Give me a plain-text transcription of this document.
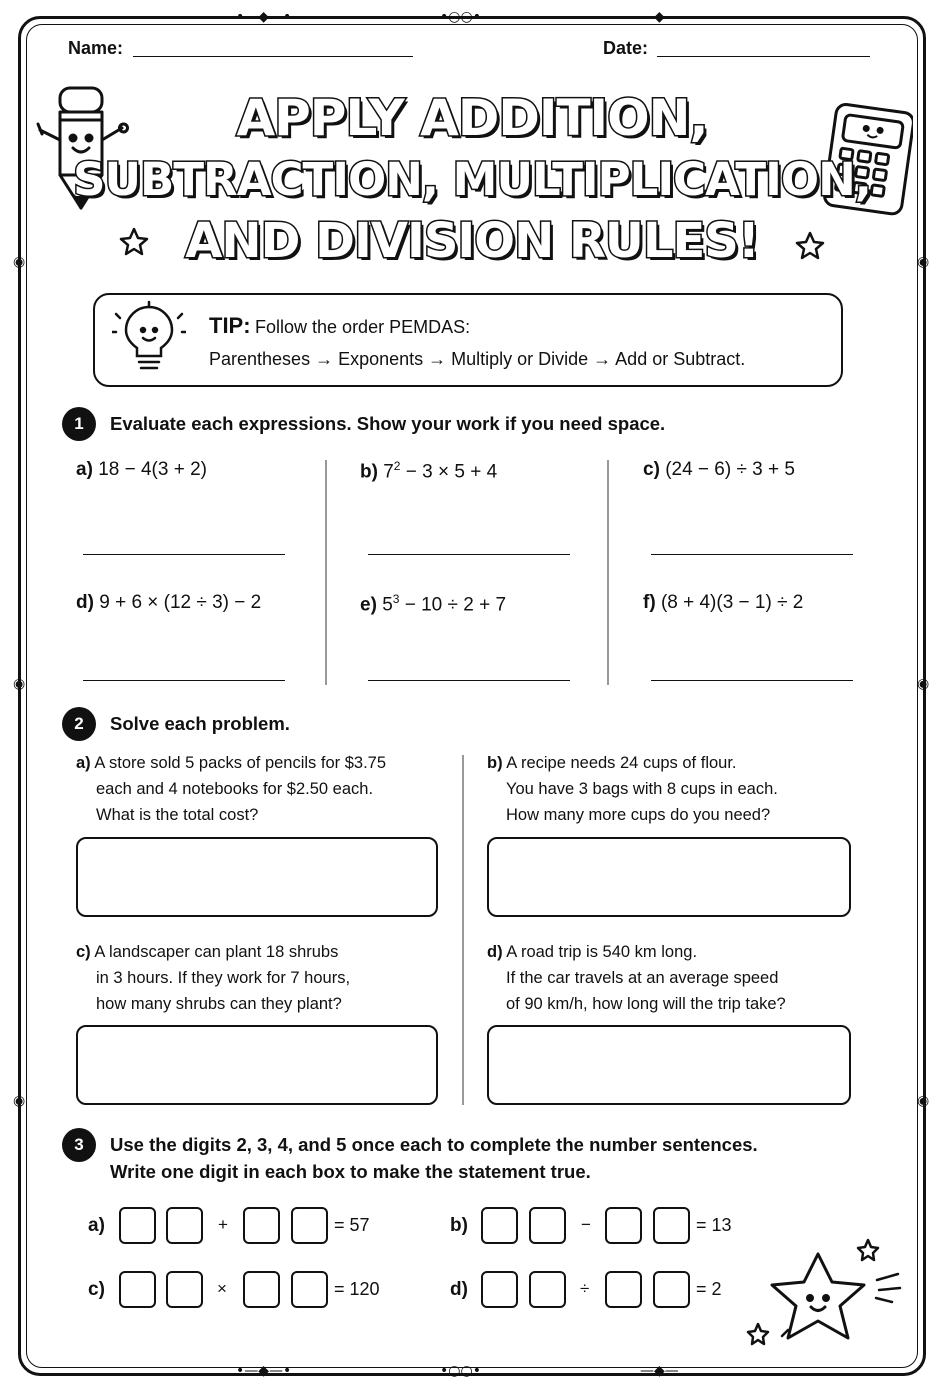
•—◆—•	•○○•	—◆—
•—◆—•	•○○•	—◆—
◉
◉
◉
◉
◉
◉
Name:	Date:
APPLY ADDITION,
SUBTRACTION, MULTIPLICATION,
AND DIVISION RULES!
TIP: Follow the order PEMDAS:
Parentheses → Exponents → Multiply or Divide → Add or Subtract.
1	Evaluate each expressions. Show your work if you need space.
a) 18 − 4(3 + 2)	b) $7^2 - 3 \times 5 + 4$	c) (24 − 6) ÷ 3 + 5
d) 9 + 6 × (12 ÷ 3) − 2	e) $5^3 - 10 \div 2 + 7$	f) (8 + 4)(3 − 1) ÷ 2
2	Solve each problem.
a) A store sold 5 packs of pencils for $3.75
each and 4 notebooks for $2.50 each.
What is the total cost?
b) A recipe needs 24 cups of flour.
You have 3 bags with 8 cups in each.
How many more cups do you need?
c) A landscaper can plant 18 shrubs
in 3 hours. If they work for 7 hours,
how many shrubs can they plant?
d) A road trip is 540 km long.
If the car travels at an average speed
of 90 km/h, how long will the trip take?
3	Use the digits 2, 3, 4, and 5 once each to complete the number sentences.
Write one digit in each box to make the statement true.
a)	+	= 57	b)	−	= 13
c)	×	= 120	d)	÷	= 2
